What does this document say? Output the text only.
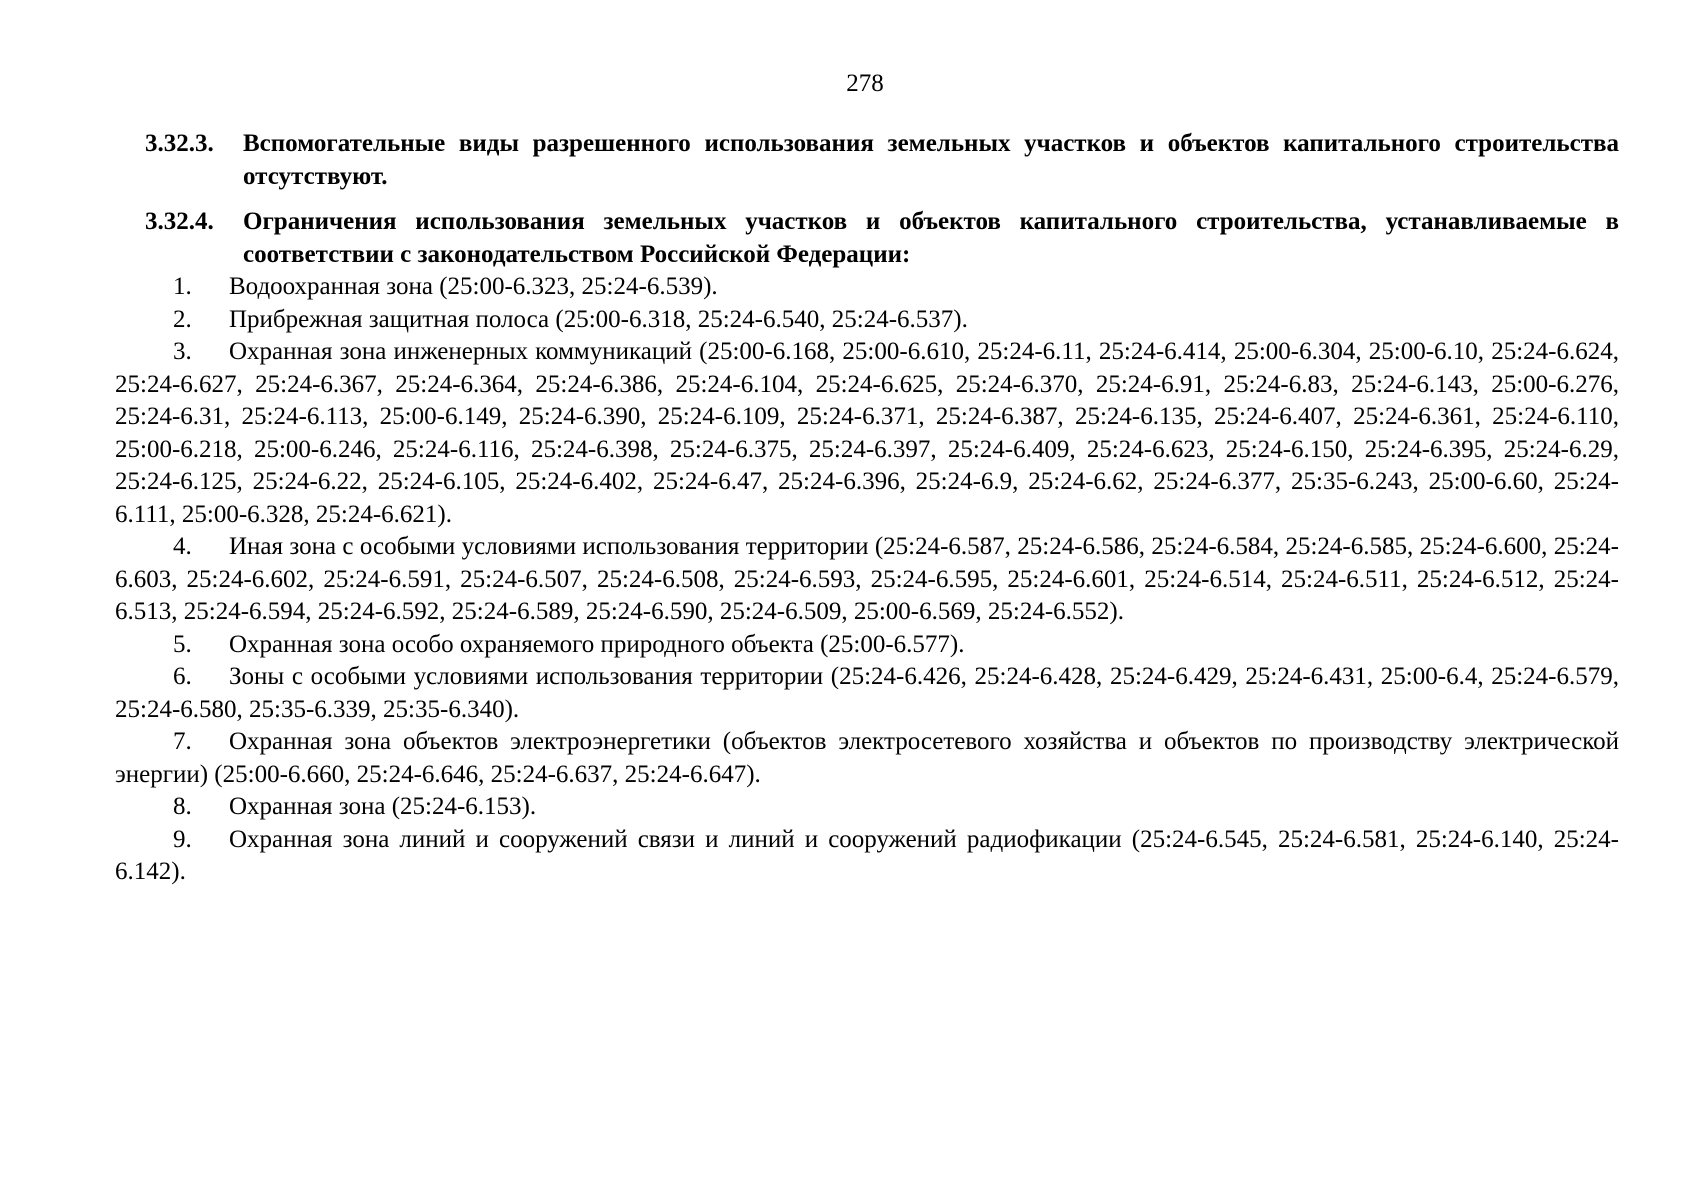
278
3.32.3.	Вспомогательные виды разрешенного использования земельных участков и объектов капитального строительства отсутствуют.
3.32.4.	Ограничения использования земельных участков и объектов капитального строительства, устанавливаемые в соответствии с законодательством Российской Федерации:
1. Водоохранная зона (25:00-6.323, 25:24-6.539).
2. Прибрежная защитная полоса (25:00-6.318, 25:24-6.540, 25:24-6.537).
3. Охранная зона инженерных коммуникаций (25:00-6.168, 25:00-6.610, 25:24-6.11, 25:24-6.414, 25:00-6.304, 25:00-6.10, 25:24-6.624, 25:24-6.627, 25:24-6.367, 25:24-6.364, 25:24-6.386, 25:24-6.104, 25:24-6.625, 25:24-6.370, 25:24-6.91, 25:24-6.83, 25:24-6.143, 25:00-6.276, 25:24-6.31, 25:24-6.113, 25:00-6.149, 25:24-6.390, 25:24-6.109, 25:24-6.371, 25:24-6.387, 25:24-6.135, 25:24-6.407, 25:24-6.361, 25:24-6.110, 25:00-6.218, 25:00-6.246, 25:24-6.116, 25:24-6.398, 25:24-6.375, 25:24-6.397, 25:24-6.409, 25:24-6.623, 25:24-6.150, 25:24-6.395, 25:24-6.29, 25:24-6.125, 25:24-6.22, 25:24-6.105, 25:24-6.402, 25:24-6.47, 25:24-6.396, 25:24-6.9, 25:24-6.62, 25:24-6.377, 25:35-6.243, 25:00-6.60, 25:24-6.111, 25:00-6.328, 25:24-6.621).
4. Иная зона с особыми условиями использования территории (25:24-6.587, 25:24-6.586, 25:24-6.584, 25:24-6.585, 25:24-6.600, 25:24-6.603, 25:24-6.602, 25:24-6.591, 25:24-6.507, 25:24-6.508, 25:24-6.593, 25:24-6.595, 25:24-6.601, 25:24-6.514, 25:24-6.511, 25:24-6.512, 25:24-6.513, 25:24-6.594, 25:24-6.592, 25:24-6.589, 25:24-6.590, 25:24-6.509, 25:00-6.569, 25:24-6.552).
5. Охранная зона особо охраняемого природного объекта (25:00-6.577).
6. Зоны с особыми условиями использования территории (25:24-6.426, 25:24-6.428, 25:24-6.429, 25:24-6.431, 25:00-6.4, 25:24-6.579, 25:24-6.580, 25:35-6.339, 25:35-6.340).
7. Охранная зона объектов электроэнергетики (объектов электросетевого хозяйства и объектов по производству электрической энергии) (25:00-6.660, 25:24-6.646, 25:24-6.637, 25:24-6.647).
8. Охранная зона (25:24-6.153).
9. Охранная зона линий и сооружений связи и линий и сооружений радиофикации (25:24-6.545, 25:24-6.581, 25:24-6.140, 25:24-6.142).
